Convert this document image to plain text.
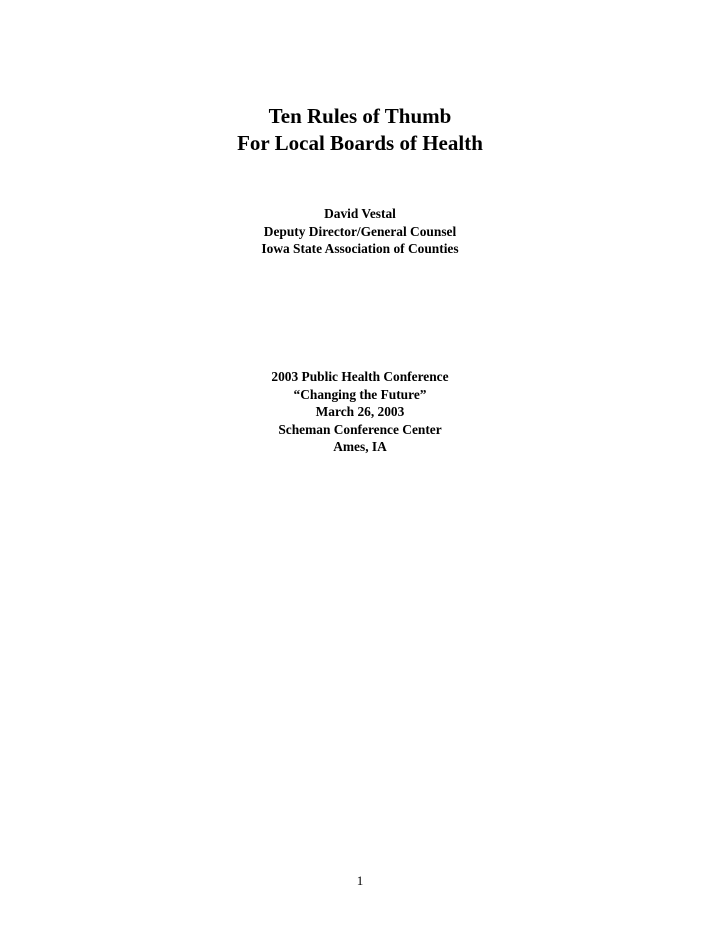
Ten Rules of Thumb

For Local Boards of Health

David Vestal

Deputy Director/General Counsel

Iowa State Association of Counties

2003 Public Health Conference

“Changing the Future”

March 26, 2003

Scheman Conference Center

Ames, IA

1
